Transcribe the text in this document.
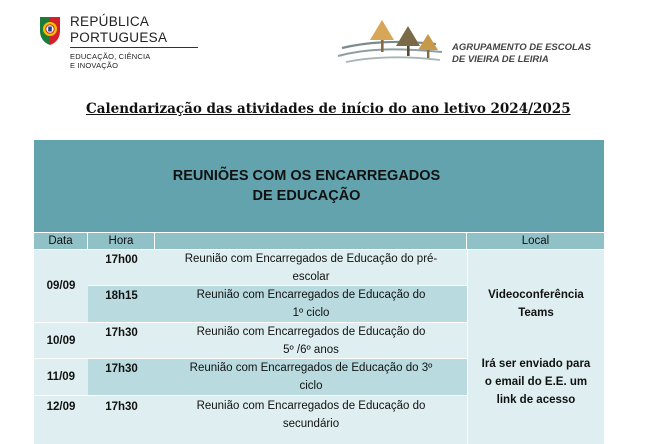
REPÚBLICA
PORTUGUESA
EDUCAÇÃO, CIÊNCIA
E INOVAÇÃO
AGRUPAMENTO DE ESCOLAS
DE VIEIRA DE LEIRIA
Calendarização das atividades de início do ano letivo 2024/2025
REUNIÕES COM OS ENCARREGADOS
DE EDUCAÇÃO
Data	Hora	Local
09/09
10/09
11/09
12/09
17h00
18h15
17h30
17h30
17h30
Reunião com Encarregados de Educação do pré-
escolar
Reunião com Encarregados de Educação do
1º ciclo
Reunião com Encarregados de Educação do
5º /6º anos
Reunião com Encarregados de Educação do 3º
ciclo
Reunião com Encarregados de Educação do
secundário
Videoconferência
Teams
Irá ser enviado para
o email do E.E. um
link de acesso
